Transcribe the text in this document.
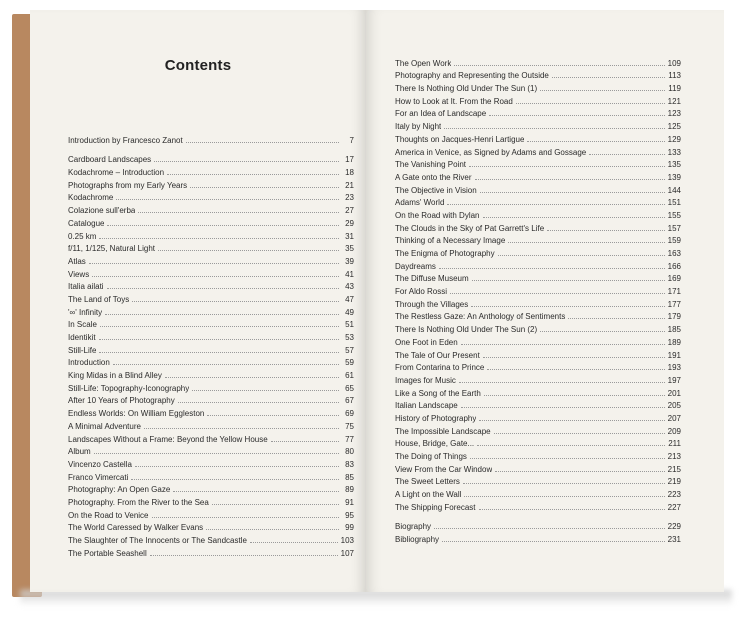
Contents
Introduction by Francesco Zanot	7
Cardboard Landscapes	17
Kodachrome – Introduction	18
Photographs from my Early Years	21
Kodachrome	23
Colazione sull'erba	27
Catalogue	29
0.25 km	31
f/11, 1/125, Natural Light	35
Atlas	39
Views	41
Italia ailati	43
The Land of Toys	47
'∞' Infinity	49
In Scale	51
Identikit	53
Still-Life	57
Introduction	59
King Midas in a Blind Alley	61
Still-Life: Topography-Iconography	65
After 10 Years of Photography	67
Endless Worlds: On William Eggleston	69
A Minimal Adventure	75
Landscapes Without a Frame: Beyond the Yellow House	77
Album	80
Vincenzo Castella	83
Franco Vimercati	85
Photography: An Open Gaze	89
Photography. From the River to the Sea	91
On the Road to Venice	95
The World Caressed by Walker Evans	99
The Slaughter of The Innocents or The Sandcastle	103
The Portable Seashell	107
The Open Work	109
Photography and Representing the Outside	113
There Is Nothing Old Under The Sun (1)	119
How to Look at It. From the Road	121
For an Idea of Landscape	123
Italy by Night	125
Thoughts on Jacques-Henri Lartigue	129
America in Venice, as Signed by Adams and Gossage	133
The Vanishing Point	135
A Gate onto the River	139
The Objective in Vision	144
Adams' World	151
On the Road with Dylan	155
The Clouds in the Sky of Pat Garrett's Life	157
Thinking of a Necessary Image	159
The Enigma of Photography	163
Daydreams	166
The Diffuse Museum	169
For Aldo Rossi	171
Through the Villages	177
The Restless Gaze: An Anthology of Sentiments	179
There Is Nothing Old Under The Sun (2)	185
One Foot in Eden	189
The Tale of Our Present	191
From Contarina to Prince	193
Images for Music	197
Like a Song of the Earth	201
Italian Landscape	205
History of Photography	207
The Impossible Landscape	209
House, Bridge, Gate...	211
The Doing of Things	213
View From the Car Window	215
The Sweet Letters	219
A Light on the Wall	223
The Shipping Forecast	227
Biography	229
Bibliography	231
